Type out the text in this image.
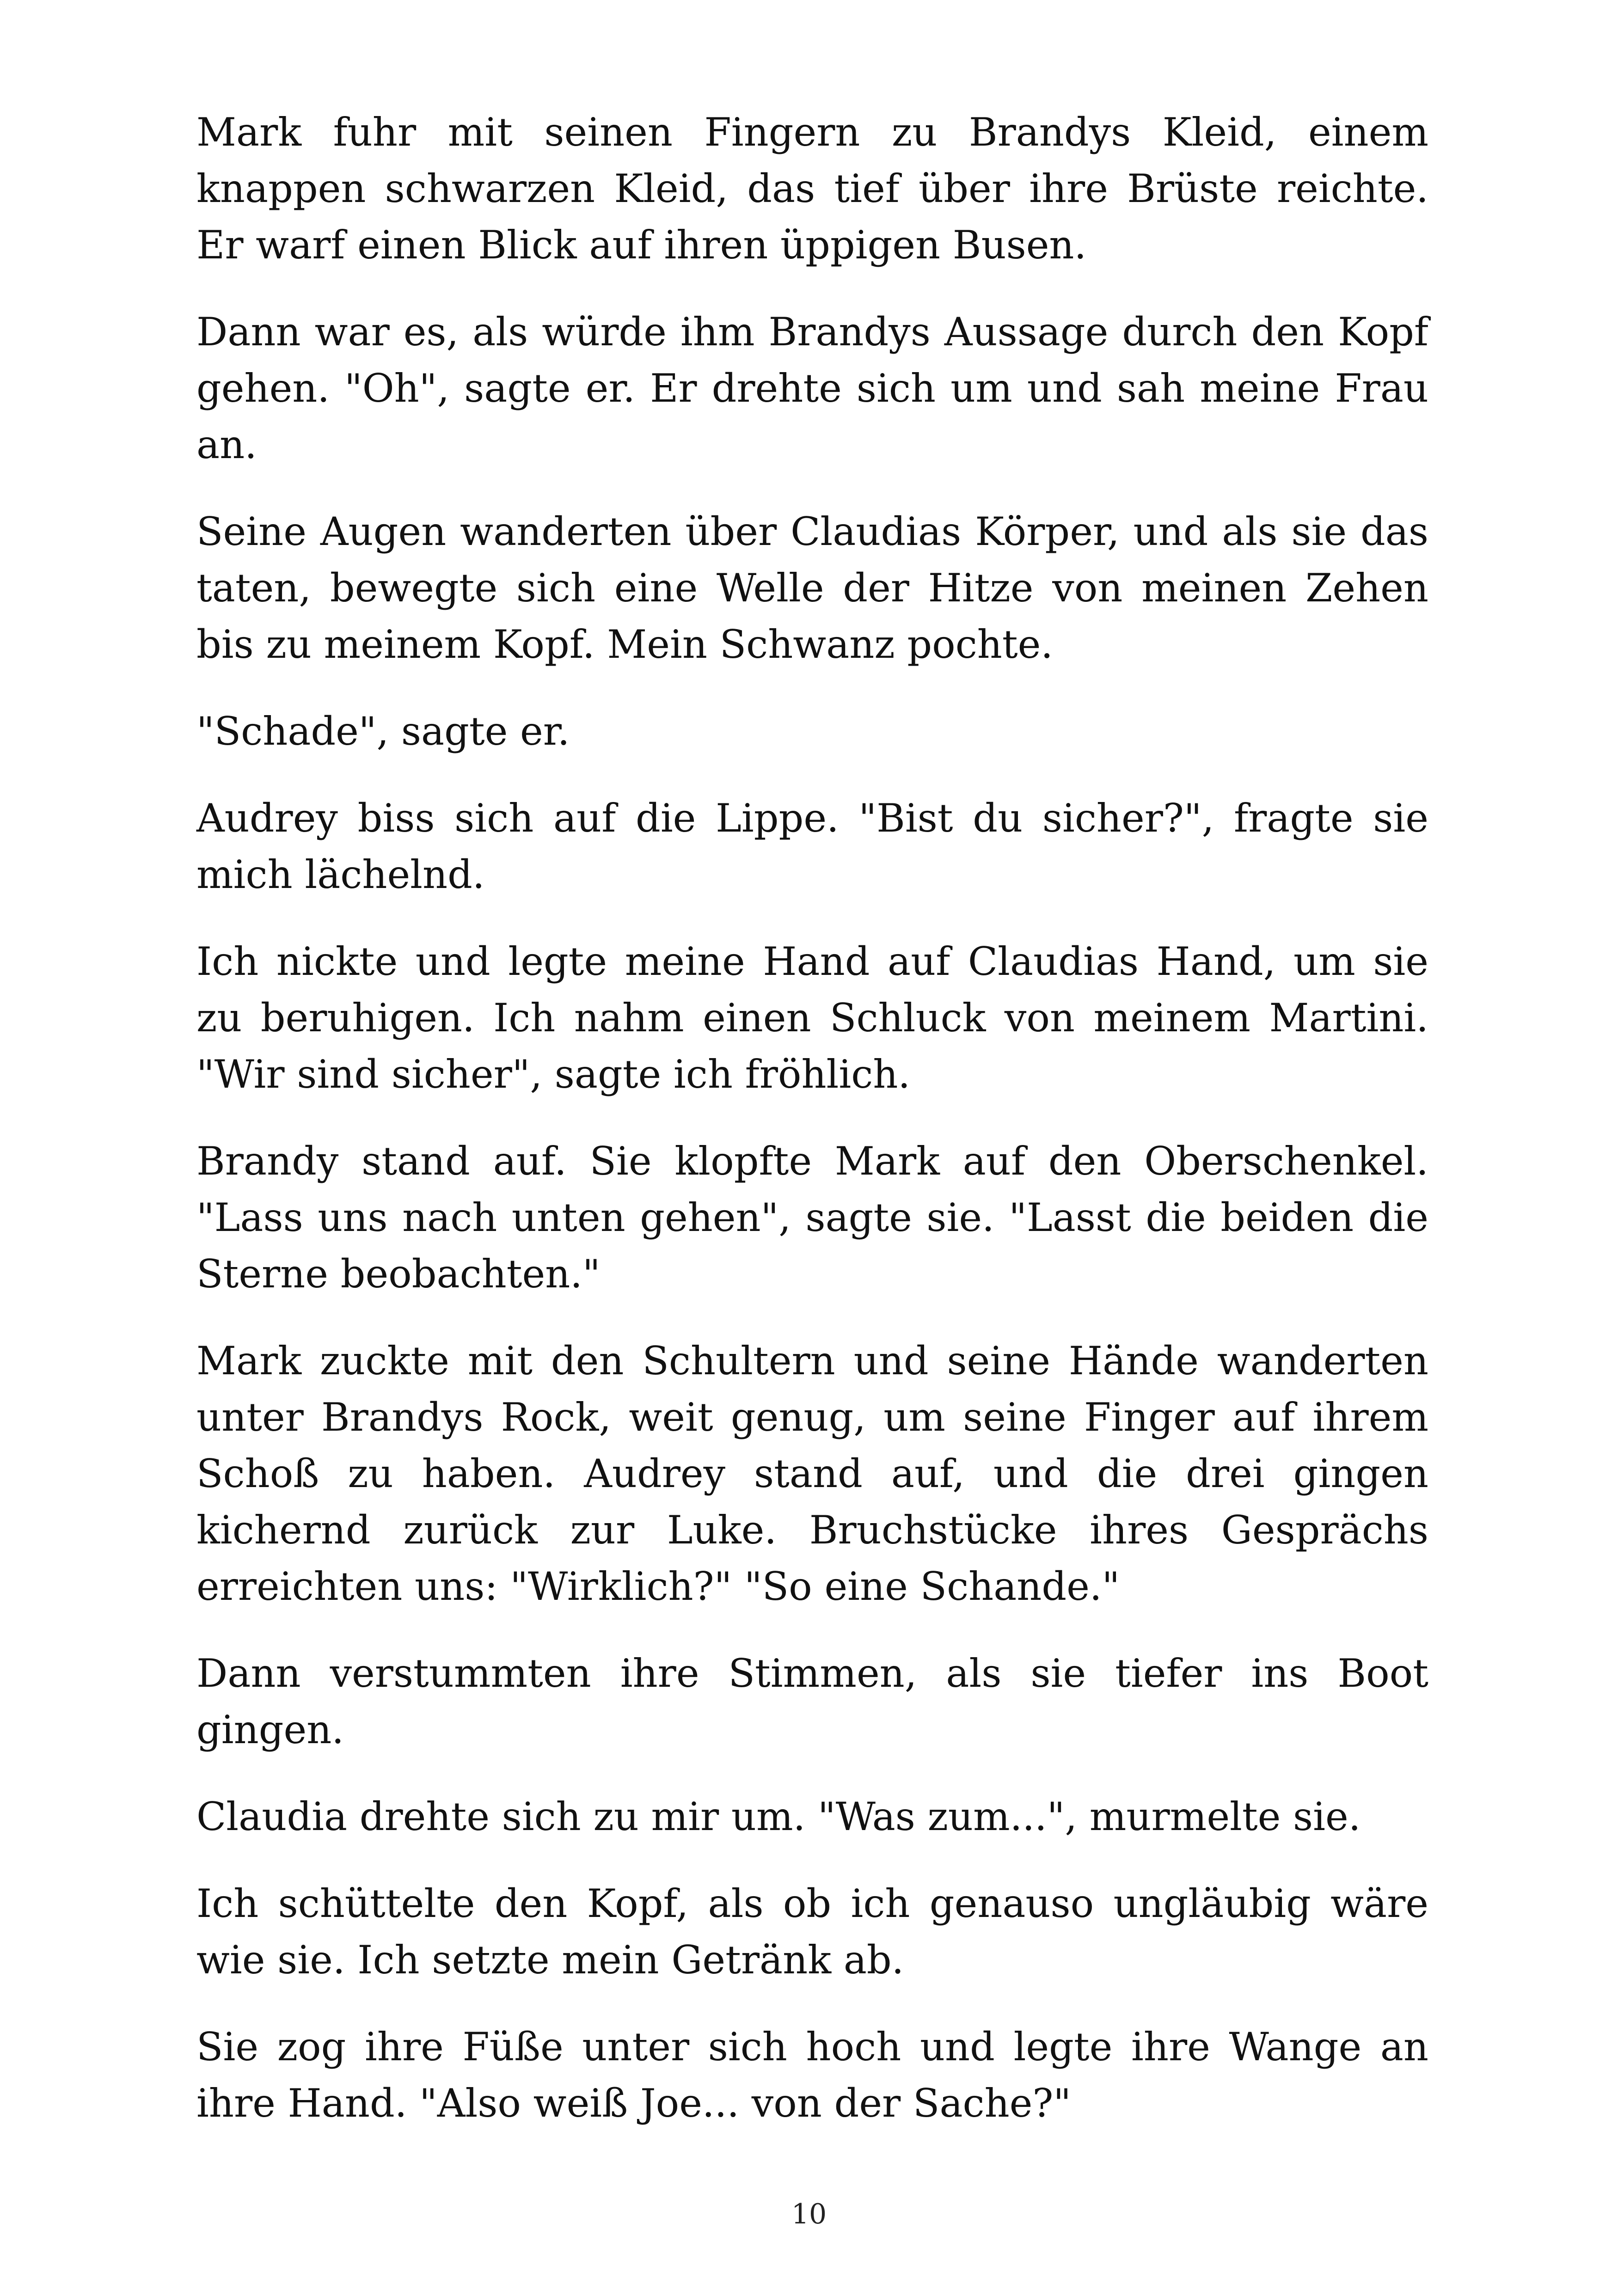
Mark fuhr mit seinen Fingern zu Brandys Kleid, einem knappen schwarzen Kleid, das tief über ihre Brüste reichte. Er warf einen Blick auf ihren üppigen Busen.

Dann war es, als würde ihm Brandys Aussage durch den Kopf gehen. "Oh", sagte er. Er drehte sich um und sah meine Frau an.

Seine Augen wanderten über Claudias Körper, und als sie das taten, bewegte sich eine Welle der Hitze von meinen Zehen bis zu meinem Kopf. Mein Schwanz pochte.

"Schade", sagte er.

Audrey biss sich auf die Lippe. "Bist du sicher?", fragte sie mich lächelnd.

Ich nickte und legte meine Hand auf Claudias Hand, um sie zu beruhigen. Ich nahm einen Schluck von meinem Martini. "Wir sind sicher", sagte ich fröhlich.

Brandy stand auf. Sie klopfte Mark auf den Oberschenkel. "Lass uns nach unten gehen", sagte sie. "Lasst die beiden die Sterne beobachten."

Mark zuckte mit den Schultern und seine Hände wanderten unter Brandys Rock, weit genug, um seine Finger auf ihrem Schoß zu haben. Audrey stand auf, und die drei gingen kichernd zurück zur Luke. Bruchstücke ihres Gesprächs erreichten uns: "Wirklich?" "So eine Schande."

Dann verstummten ihre Stimmen, als sie tiefer ins Boot gingen.

Claudia drehte sich zu mir um. "Was zum...", murmelte sie.

Ich schüttelte den Kopf, als ob ich genauso ungläubig wäre wie sie. Ich setzte mein Getränk ab.

Sie zog ihre Füße unter sich hoch und legte ihre Wange an ihre Hand. "Also weiß Joe... von der Sache?"

10
